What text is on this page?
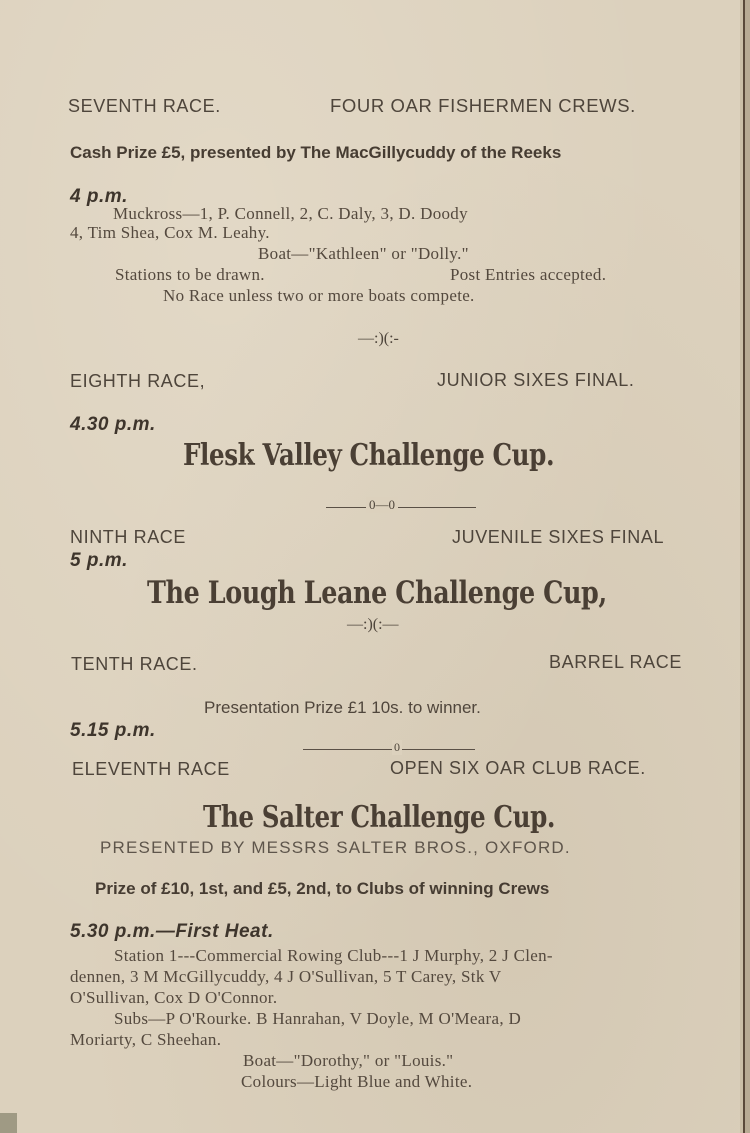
SEVENTH RACE.	FOUR OAR FISHERMEN CREWS.
Cash Prize £5, presented by The MacGillycuddy of the Reeks
4 p.m.
Muckross—1, P. Connell, 2, C. Daly, 3, D. Doody
4, Tim Shea, Cox M. Leahy.
Boat—"Kathleen" or "Dolly."
Stations to be drawn.	Post Entries accepted.
No Race unless two or more boats compete.
—:)(:-
EIGHTH RACE,	JUNIOR SIXES FINAL.
4.30 p.m.
Flesk Valley Challenge Cup.
0—0
NINTH RACE	JUVENILE SIXES FINAL
5 p.m.
The Lough Leane Challenge Cup,
—:)(:—
TENTH RACE.	BARREL RACE
Presentation Prize £1 10s. to winner.
5.15 p.m.
0
ELEVENTH RACE	OPEN SIX OAR CLUB RACE.
The Salter Challenge Cup.
PRESENTED BY MESSRS SALTER BROS., OXFORD.
Prize of £10, 1st, and £5, 2nd, to Clubs of winning Crews
5.30 p.m.—First Heat.
Station 1---Commercial Rowing Club---1 J Murphy, 2 J Clen-
dennen, 3 M McGillycuddy, 4 J O'Sullivan, 5 T Carey, Stk V
O'Sullivan, Cox D O'Connor.
Subs—P O'Rourke. B Hanrahan, V Doyle, M O'Meara, D
Moriarty, C Sheehan.
Boat—"Dorothy," or "Louis."
Colours—Light Blue and White.
